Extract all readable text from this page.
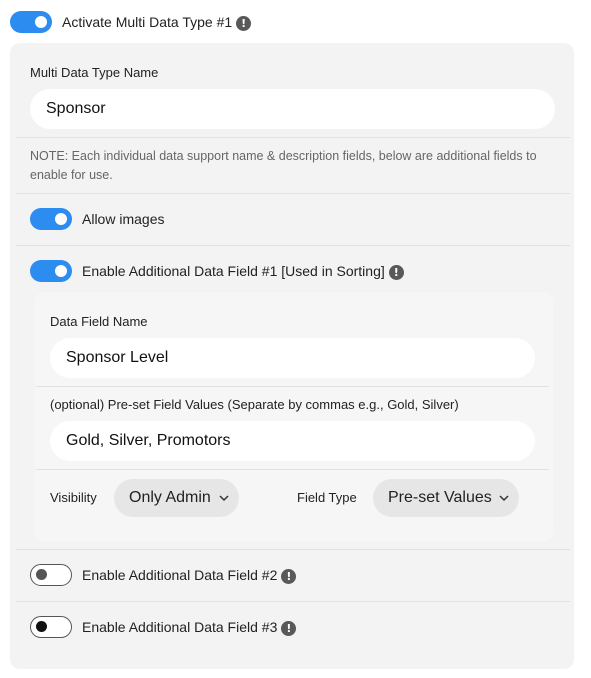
Activate Multi Data Type #1 !
Multi Data Type Name
Sponsor
NOTE: Each individual data support name & description fields, below are additional fields to enable for use.
Allow images
Enable Additional Data Field #1 [Used in Sorting] !
Data Field Name
Sponsor Level
(optional) Pre-set Field Values (Separate by commas e.g., Gold, Silver)
Gold, Silver, Promotors
Visibility	Only Admin	Field Type	Pre-set Values
Enable Additional Data Field #2 !
Enable Additional Data Field #3 !
